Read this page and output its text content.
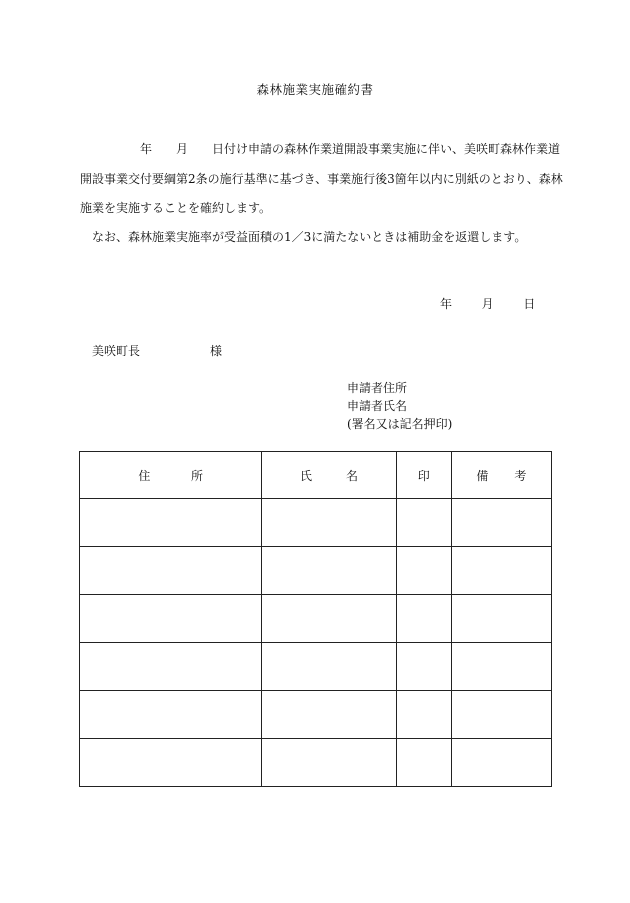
森林施業実施確約書
　　　　　年　　月　　日付け申請の森林作業道開設事業実施に伴い、美咲町森林作業道
開設事業交付要綱第2条の施行基準に基づき、事業施行後3箇年以内に別紙のとおり、森林
施業を実施することを確約します。
　なお、森林施業実施率が受益面積の1／3に満たないときは補助金を返還します。
年 月 日
美咲町長	様
申請者住所
申請者氏名
(署名又は記名押印)
住 所	氏 名	印	備 考
